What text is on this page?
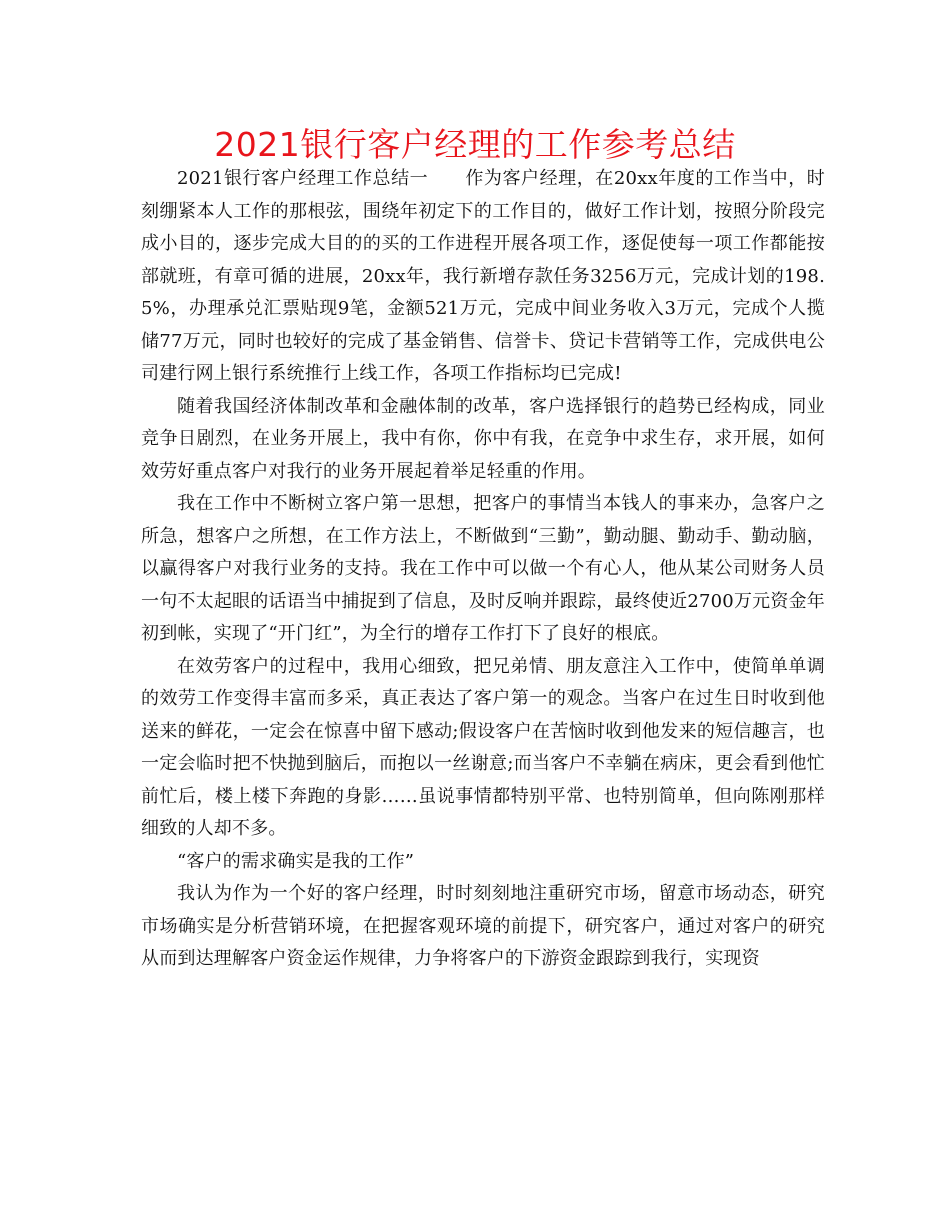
2021银行客户经理的工作参考总结

2021银行客户经理工作总结一　　作为客户经理，在20xx年度的工作当中，时刻绷紧本人工作的那根弦，围绕年初定下的工作目的，做好工作计划，按照分阶段完成小目的，逐步完成大目的的买的工作进程开展各项工作，逐促使每一项工作都能按部就班，有章可循的进展，20xx年，我行新增存款任务3256万元，完成计划的198.5%，办理承兑汇票贴现9笔，金额521万元，完成中间业务收入3万元，完成个人揽储77万元，同时也较好的完成了基金销售、信誉卡、贷记卡营销等工作，完成供电公司建行网上银行系统推行上线工作，各项工作指标均已完成!

随着我国经济体制改革和金融体制的改革，客户选择银行的趋势已经构成，同业竞争日剧烈，在业务开展上，我中有你，你中有我，在竞争中求生存，求开展，如何效劳好重点客户对我行的业务开展起着举足轻重的作用。

我在工作中不断树立客户第一思想，把客户的事情当本钱人的事来办，急客户之所急，想客户之所想，在工作方法上，不断做到“三勤”，勤动腿、勤动手、勤动脑，以赢得客户对我行业务的支持。我在工作中可以做一个有心人，他从某公司财务人员一句不太起眼的话语当中捕捉到了信息，及时反响并跟踪，最终使近2700万元资金年初到帐，实现了“开门红”，为全行的增存工作打下了良好的根底。

在效劳客户的过程中，我用心细致，把兄弟情、朋友意注入工作中，使简单单调的效劳工作变得丰富而多采，真正表达了客户第一的观念。当客户在过生日时收到他送来的鲜花，一定会在惊喜中留下感动;假设客户在苦恼时收到他发来的短信趣言，也一定会临时把不快抛到脑后，而抱以一丝谢意;而当客户不幸躺在病床，更会看到他忙前忙后，楼上楼下奔跑的身影……虽说事情都特别平常、也特别简单，但向陈刚那样细致的人却不多。

“客户的需求确实是我的工作”

我认为作为一个好的客户经理，时时刻刻地注重研究市场，留意市场动态，研究市场确实是分析营销环境，在把握客观环境的前提下，研究客户，通过对客户的研究从而到达理解客户资金运作规律，力争将客户的下游资金跟踪到我行，实现资
